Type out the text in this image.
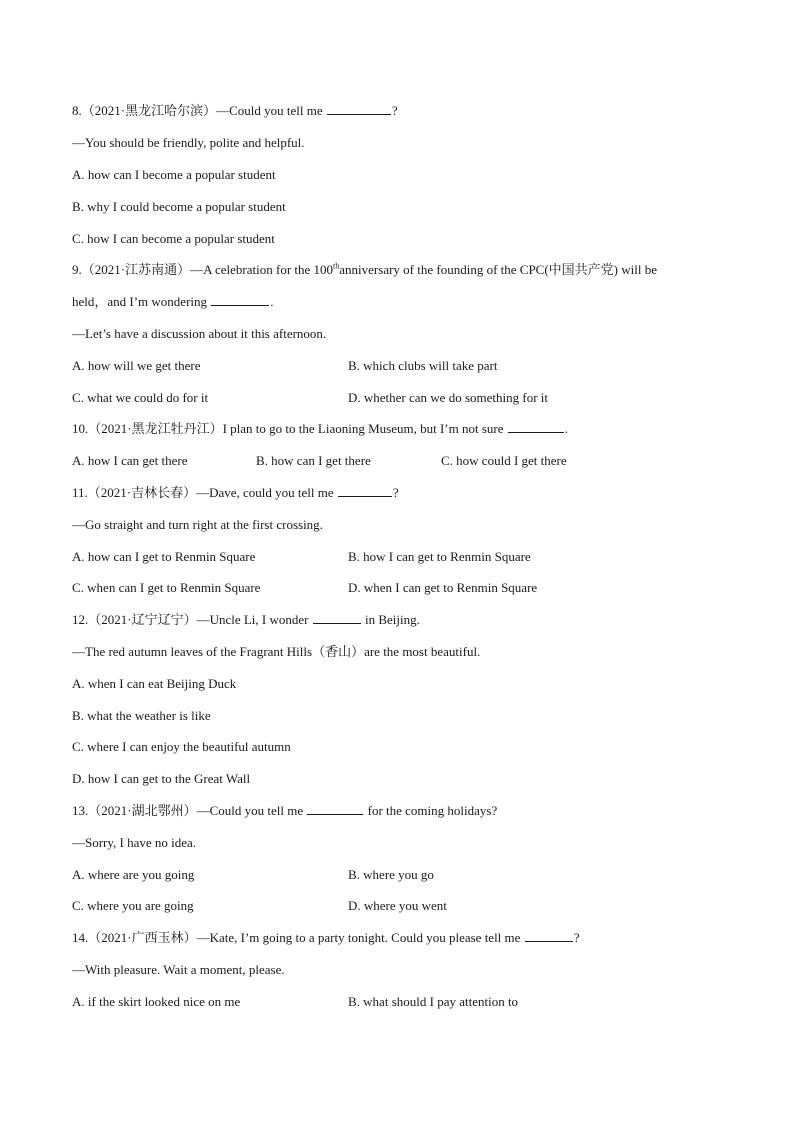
8.（2021·黑龙江哈尔滨）—Could you tell me	?
—You should be friendly, polite and helpful.
A. how can I become a popular student
B. why I could become a popular student
C. how I can become a popular student
9.（2021·江苏南通）—A celebration for the 100thanniversary of the founding of the CPC(中国共产党) will be
held，and I’m wondering	.
—Let’s have a discussion about it this afternoon.
A. how will we get there	B. which clubs will take part
C. what we could do for it	D. whether can we do something for it
10.（2021·黑龙江牡丹江）I plan to go to the Liaoning Museum, but I’m not sure	.
A. how I can get there	B. how can I get there	C. how could I get there
11.（2021·吉林长春）—Dave, could you tell me	?
—Go straight and turn right at the first crossing.
A. how can I get to Renmin Square	B. how I can get to Renmin Square
C. when can I get to Renmin Square	D. when I can get to Renmin Square
12.（2021·辽宁辽宁）—Uncle Li, I wonder	in Beijing.
—The red autumn leaves of the Fragrant Hills（香山）are the most beautiful.
A. when I can eat Beijing Duck
B. what the weather is like
C. where I can enjoy the beautiful autumn
D. how I can get to the Great Wall
13.（2021·湖北鄂州）—Could you tell me	for the coming holidays?
—Sorry, I have no idea.
A. where are you going	B. where you go
C. where you are going	D. where you went
14.（2021·广西玉林）—Kate, I’m going to a party tonight. Could you please tell me	?
—With pleasure. Wait a moment, please.
A. if the skirt looked nice on me	B. what should I pay attention to
